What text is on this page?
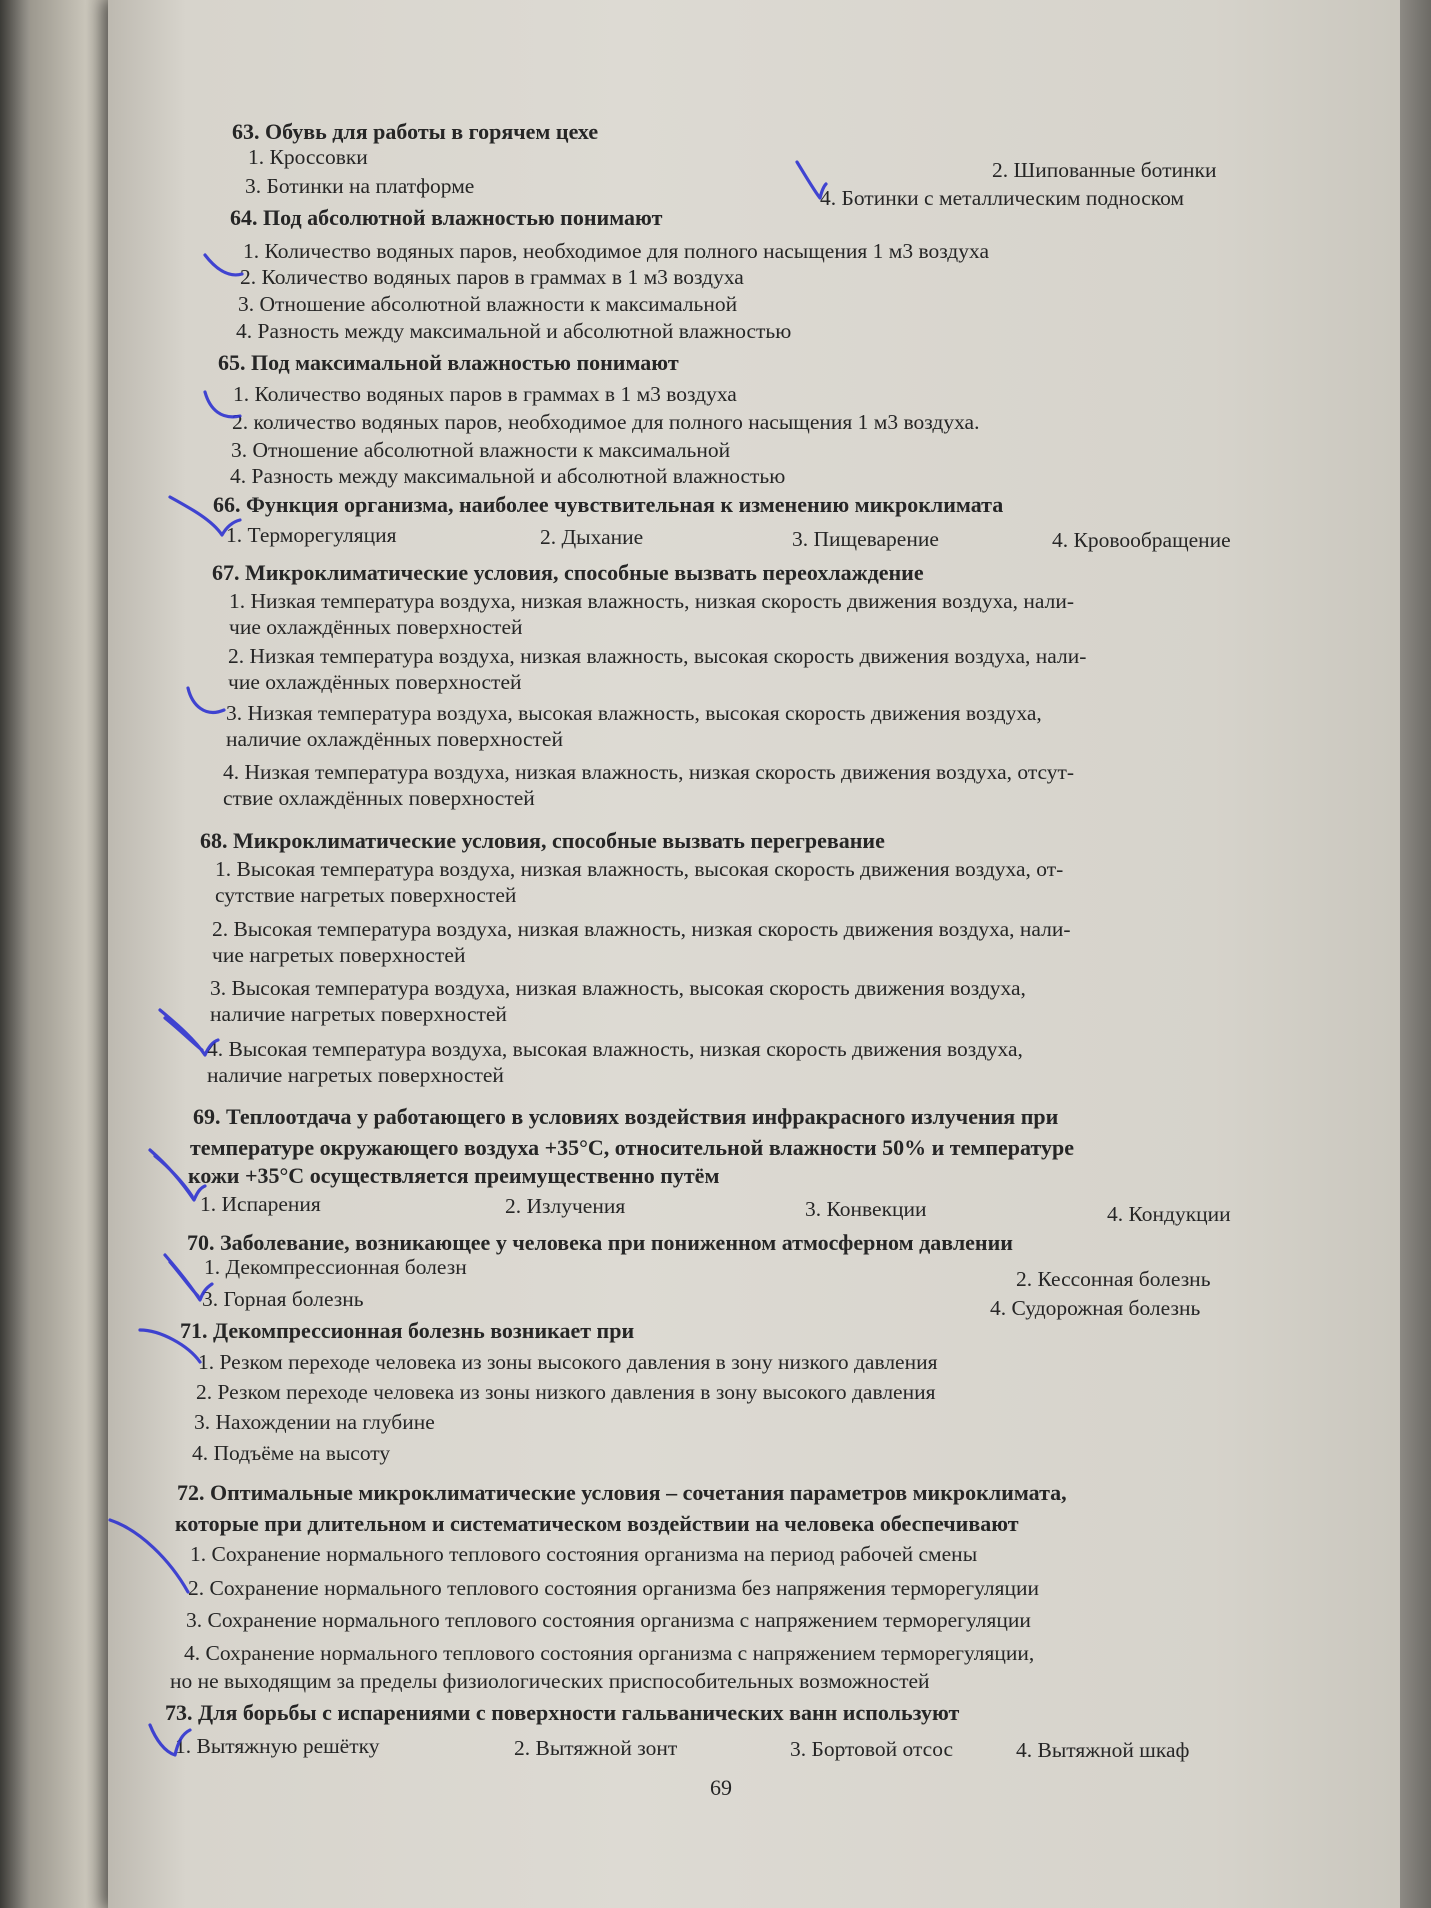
63. Обувь для работы в горячем цехе
1. Кроссовки
2. Шипованные ботинки
3. Ботинки на платформе	4. Ботинки с металлическим подноском
64. Под абсолютной влажностью понимают
1. Количество водяных паров, необходимое для полного насыщения 1 м3 воздуха
2. Количество водяных паров в граммах в 1 м3 воздуха
3. Отношение абсолютной влажности к максимальной
4. Разность между максимальной и абсолютной влажностью
65. Под максимальной влажностью понимают
1. Количество водяных паров в граммах в 1 м3 воздуха
2. количество водяных паров, необходимое для полного насыщения 1 м3 воздуха.
3. Отношение абсолютной влажности к максимальной
4. Разность между максимальной и абсолютной влажностью
66. Функция организма, наиболее чувствительная к изменению микроклимата
1. Терморегуляция	2. Дыхание	3. Пищеварение	4. Кровообращение
67. Микроклиматические условия, способные вызвать переохлаждение
1. Низкая температура воздуха, низкая влажность, низкая скорость движения воздуха, нали-
чие охлаждённых поверхностей
2. Низкая температура воздуха, низкая влажность, высокая скорость движения воздуха, нали-
чие охлаждённых поверхностей
3. Низкая температура воздуха, высокая влажность, высокая скорость движения воздуха,
наличие охлаждённых поверхностей
4. Низкая температура воздуха, низкая влажность, низкая скорость движения воздуха, отсут-
ствие охлаждённых поверхностей
68. Микроклиматические условия, способные вызвать перегревание
1. Высокая температура воздуха, низкая влажность, высокая скорость движения воздуха, от-
сутствие нагретых поверхностей
2. Высокая температура воздуха, низкая влажность, низкая скорость движения воздуха, нали-
чие нагретых поверхностей
3. Высокая температура воздуха, низкая влажность, высокая скорость движения воздуха,
наличие нагретых поверхностей
4. Высокая температура воздуха, высокая влажность, низкая скорость движения воздуха,
наличие нагретых поверхностей
69. Теплоотдача у работающего в условиях воздействия инфракрасного излучения при
температуре окружающего воздуха +35°C, относительной влажности 50% и температуре
кожи +35°C осуществляется преимущественно путём
1. Испарения	2. Излучения	3. Конвекции	4. Кондукции
70. Заболевание, возникающее у человека при пониженном атмосферном давлении
1. Декомпрессионная болезн	2. Кессонная болезнь
3. Горная болезнь	4. Судорожная болезнь
71. Декомпрессионная болезнь возникает при
1. Резком переходе человека из зоны высокого давления в зону низкого давления
2. Резком переходе человека из зоны низкого давления в зону высокого давления
3. Нахождении на глубине
4. Подъёме на высоту
72. Оптимальные микроклиматические условия – сочетания параметров микроклимата,
которые при длительном и систематическом воздействии на человека обеспечивают
1. Сохранение нормального теплового состояния организма на период рабочей смены
2. Сохранение нормального теплового состояния организма без напряжения терморегуляции
3. Сохранение нормального теплового состояния организма с напряжением терморегуляции
4. Сохранение нормального теплового состояния организма с напряжением терморегуляции,
но не выходящим за пределы физиологических приспособительных возможностей
73. Для борьбы с испарениями с поверхности гальванических ванн используют
1. Вытяжную решётку	2. Вытяжной зонт	3. Бортовой отсос	4. Вытяжной шкаф
69
